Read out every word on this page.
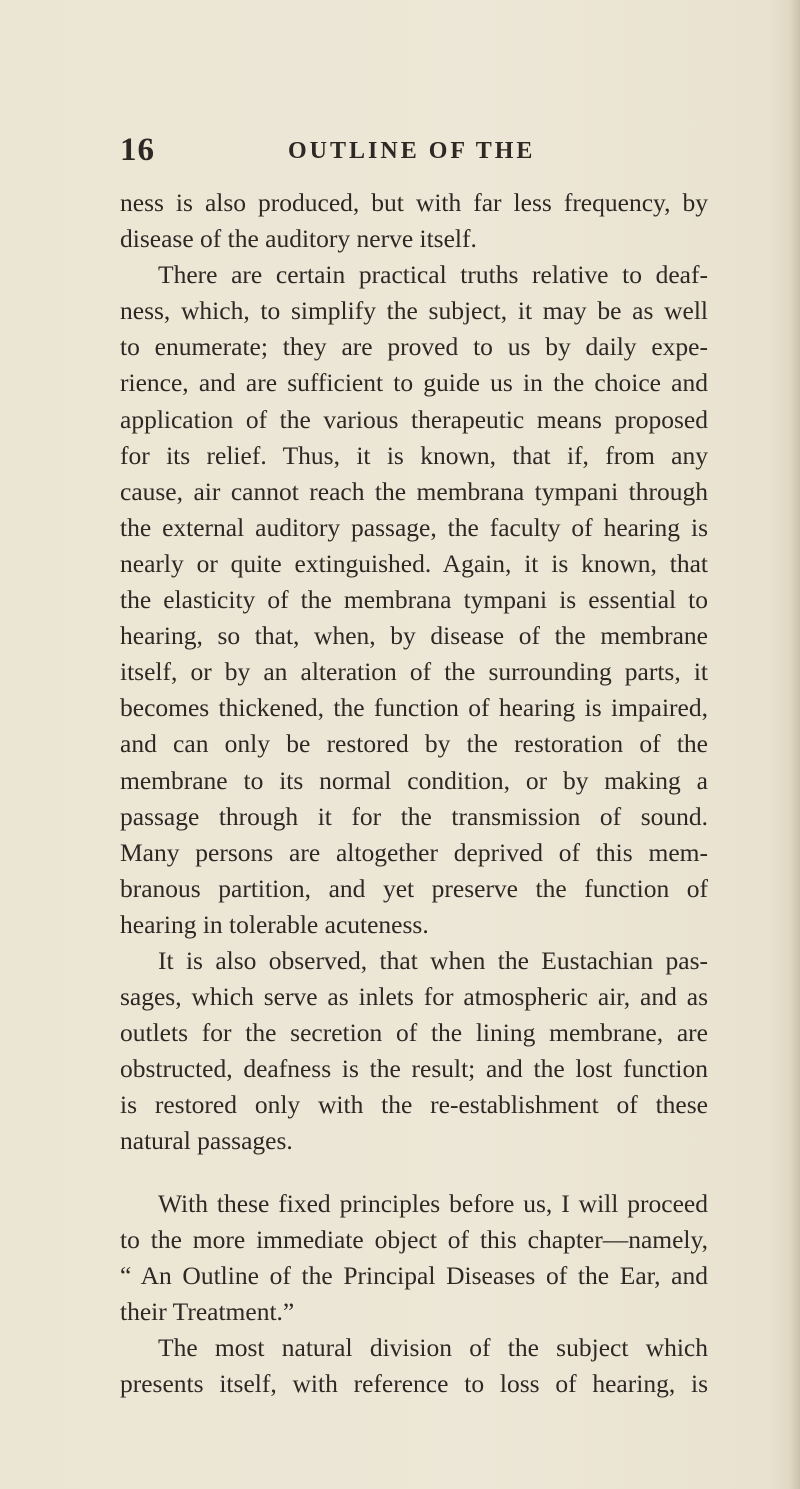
16	OUTLINE OF THE

ness is also produced, but with far less frequency, by
disease of the auditory nerve itself.

There are certain practical truths relative to deaf-
ness, which, to simplify the subject, it may be as well
to enumerate; they are proved to us by daily expe-
rience, and are sufficient to guide us in the choice and
application of the various therapeutic means proposed
for its relief. Thus, it is known, that if, from any
cause, air cannot reach the membrana tympani through
the external auditory passage, the faculty of hearing is
nearly or quite extinguished. Again, it is known, that
the elasticity of the membrana tympani is essential to
hearing, so that, when, by disease of the membrane
itself, or by an alteration of the surrounding parts, it
becomes thickened, the function of hearing is impaired,
and can only be restored by the restoration of the
membrane to its normal condition, or by making a
passage through it for the transmission of sound.
Many persons are altogether deprived of this mem-
branous partition, and yet preserve the function of
hearing in tolerable acuteness.

It is also observed, that when the Eustachian pas-
sages, which serve as inlets for atmospheric air, and as
outlets for the secretion of the lining membrane, are
obstructed, deafness is the result; and the lost function
is restored only with the re-establishment of these
natural passages.

With these fixed principles before us, I will proceed
to the more immediate object of this chapter—namely,
“ An Outline of the Principal Diseases of the Ear, and
their Treatment.”

The most natural division of the subject which
presents itself, with reference to loss of hearing, is
